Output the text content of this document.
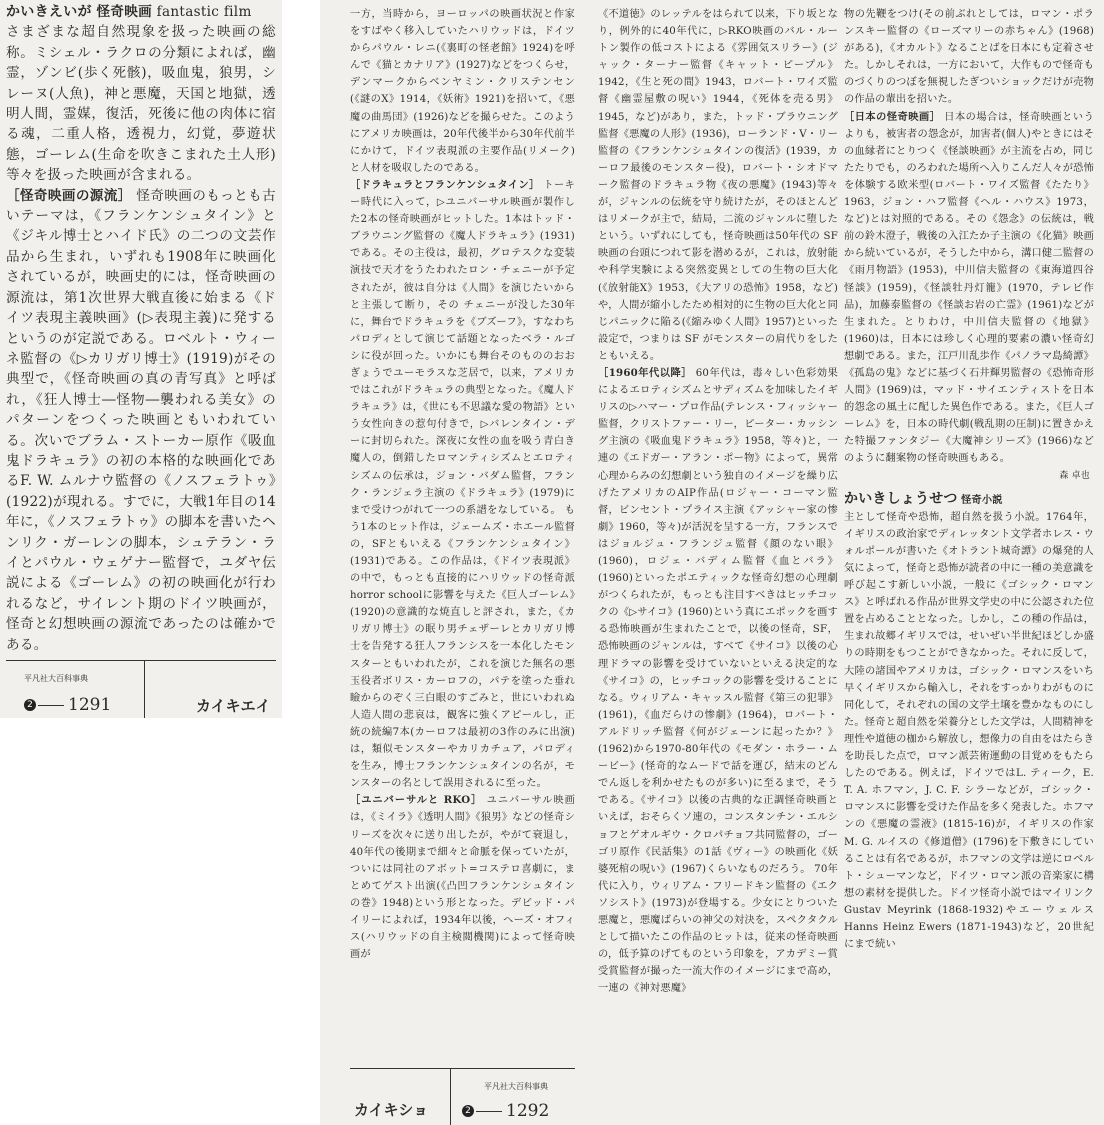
かいきえいが 怪奇映画 fantastic film

さまざまな超自然現象を扱った映画の総称。ミシェル・ラクロの分類によれば，幽霊，ゾンビ(歩く死骸)，吸血鬼，狼男，シレーヌ(人魚)，神と悪魔，天国と地獄，透明人間，霊媒，復活，死後に他の肉体に宿る魂，二重人格，透視力，幻覚，夢遊状態，ゴーレム(生命を吹きこまれた土人形)等々を扱った映画が含まれる。

［怪奇映画の源流］ 怪奇映画のもっとも古いテーマは，《フランケンシュタイン》と《ジキル博士とハイド氏》の二つの文芸作品から生まれ，いずれも1908年に映画化されているが，映画史的には，怪奇映画の源流は，第1次世界大戦直後に始まる《ドイツ表現主義映画》(▷表現主義)に発する というのが定説である。ロベルト・ウィーネ監督の《▷カリガリ博士》(1919)がその典型で，《怪奇映画の真の青写真》と呼ばれ，《狂人博士―怪物―襲われる美女》のパターンをつくった映画ともいわれている。次いでブラム・ストーカー原作《吸血鬼ドラキュラ》の初の本格的な映画化であるF. W. ムルナウ監督の《ノスフェラトゥ》(1922)が現れる。すでに，大戦1年目の14年に，《ノスフェラトゥ》の脚本を書いたヘンリク・ガーレンの脚本，シュテラン・ライとパウル・ウェゲナー監督で，ユダヤ伝説による《ゴーレム》の初の映画化が行われるなど，サイレント期のドイツ映画が，怪奇と幻想映画の源流であったのは確かである。

平凡社大百科事典
2 1291	カイキエイ

一方，当時から，ヨーロッパの映画状況と作家をすばやく移入していたハリウッドは，ドイツからパウル・レニ(《裏町の怪老館》1924)を呼んで《猫とカナリア》(1927)などをつくらせ，デンマークからベンヤミン・クリステンセン(《謎のX》1914，《妖術》1921)を招いて，《悪魔の曲馬団》(1926)などを撮らせた。このようにアメリカ映画は，20年代後半から30年代前半にかけて，ドイツ表現派の主要作品(リメーク)と人材を吸収したのである。

［ドラキュラとフランケンシュタイン］ トーキー時代に入って，▷ユニバーサル映画が製作した2本の怪奇映画がヒットした。1本はトッド・ブラウニング監督の《魔人ドラキュラ》(1931)である。その主役は，最初，グロテスクな変装演技で天才をうたわれたロン・チェニーが予定されたが，彼は自分は《人間》を演じたいからと主張して断り，その チェニーが没した30年に，舞台でドラキュラを《ブズーフ》，すなわちパロディとして演じて話題となったベラ・ルゴシに役が回った。いかにも舞台そのもののおおぎょうでユーモラスな芝居で，以来，アメリカではこれがドラキュラの典型となった。《魔人ドラキュラ》は，《世にも不思議な愛の物語》という女性向きの惹句付きで，▷バレンタイン・デーに封切られた。深夜に女性の血を吸う青白き魔人の，倒錯したロマンティシズムとエロティシズムの伝承は，ジョン・バダム監督，フランク・ランジェラ主演の《ドラキュラ》(1979)にまで受けつがれて一つの系譜をなしている。 もう1本のヒット作は，ジェームズ・ホエール監督の，SFともいえる《フランケンシュタイン》(1931)である。この作品は，《ドイツ表現派》の中で，もっとも直接的にハリウッドの怪奇派horror schoolに影響を与えた《巨人ゴーレム》(1920)の意識的な焼直しと評され，また，《カリガリ博士》の眠り男チェザーレとカリガリ博士を告発する狂人フランシスを一本化したモンスターともいわれたが，これを演じた無名の悪玉役者ボリス・カーロフの，パテを塗った垂れ瞼からのぞく三白眼のすごみと，世にいわれぬ人造人間の悲哀は，観客に強くアピールし，正統の続編7本(カーロフは最初の3作のみに出演)は，類似モンスターやカリカチュア，パロディを生み，博士フランケンシュタインの名が，モンスターの名として誤用されるに至った。

［ユニバーサルと RKO］ ユニバーサル映画は，《ミイラ》《透明人間》《狼男》などの怪奇シリーズを次々に送り出したが，やがて衰退し，40年代の後期まで細々と命脈を保っていたが，ついには同社のアボット=コステロ喜劇に，まとめてゲスト出演(《凸凹フランケンシュタインの巻》1948)という形となった。デビッド・パイリーによれば，1934年以後，ヘーズ・オフィス(ハリウッドの自主検閲機関)によって怪奇映画が

《不道徳》のレッテルをはられて以来，下り坂となり，例外的に40年代に，▷RKO映画のバル・ルートン製作の低コストによる《雰囲気スリラー》(ジャック・ターナー監督《キャット・ピープル》1942，《生と死の間》1943，ロバート・ワイズ監督《幽霊屋敷の呪い》1944，《死体を売る男》1945，など)があり，また，トッド・ブラウニング監督《悪魔の人形》(1936)，ローランド・V・リー監督の《フランケンシュタインの復活》(1939，カーロフ最後のモンスター役)，ロバート・シオドマーク監督のドラキュラ物《夜の悪魔》(1943)等々が，ジャンルの伝統を守り続けたが，そのほとんどはリメークが主で，結局，二流のジャンルに堕したという。いずれにしても，怪奇映画は50年代の SF映画の台頭につれて影を潜めるが，これは，放射能や科学実験による突然変異としての生物の巨大化(《放射能X》1953，《大アリの恐怖》1958，など)や，人間が縮小したため相対的に生物の巨大化と同じパニックに陥る(《縮みゆく人間》1957)といった設定で，つまりは SF がモンスターの肩代りをしたともいえる。

［1960年代以降］ 60年代は，毒々しい色彩効果によるエロティシズムとサディズムを加味したイギリスの▷ハマー・プロ作品(テレンス・フィッシャー監督，クリストファー・リー，ピーター・カッシング主演の《吸血鬼ドラキュラ》1958，等々)と，一連の《エドガー・アラン・ポー物》によって，異常心理からみの幻想劇という独自のイメージを繰り広げたアメリカのAIP作品(ロジャー・コーマン監督，ビンセント・プライス主演《アッシャー家の惨劇》1960，等々)が活況を呈する一方，フランスではジョルジュ・フランジュ監督《顔のない眼》(1960)，ロジェ・バディム監督《血とバラ》(1960)といったポエティックな怪奇幻想の心理劇がつくられたが，もっとも注目すべきはヒッチコックの《▷サイコ》(1960)という真にエポックを画する恐怖映画が生まれたことで，以後の怪奇，SF，恐怖映画のジャンルは，すべて《サイコ》以後の心理ドラマの影響を受けていないといえる決定的な《サイコ》の，ヒッチコックの影響を受けることになる。ウィリアム・キャッスル監督《第三の犯罪》(1961)，《血だらけの惨劇》(1964)，ロバート・アルドリッチ監督《何がジェーンに起ったか？》(1962)から1970-80年代の《モダン・ホラー・ムービー》(怪奇的なムードで話を運び，結末のどんでん返しを利かせたものが多い)に至るまで，そうである。《サイコ》以後の古典的な正調怪奇映画といえば，おそらくソ連の，コンスタンチン・エルショフとゲオルギウ・クロパチョフ共同監督の，ゴーゴリ原作《民話集》の1話《ヴィー》の映画化《妖婆死棺の呪い》(1967)くらいなものだろう。 70年代に入り，ウィリアム・フリードキン監督の《エクソシスト》(1973)が登場する。少女にとりついた悪魔と，悪魔ばらいの神父の対決を，スペクタクルとして描いたこの作品のヒットは，従来の怪奇映画の，低予算のげてものという印象を，アカデミー賞受賞監督が撮った一流大作のイメージにまで高め，一連の《神対悪魔》

物の先鞭をつけ(その前ぶれとしては，ロマン・ポランスキー監督の《ローズマリーの赤ちゃん》(1968)がある)，《オカルト》なることばを日本にも定着させた。しかしそれは，一方において，大作もので怪奇ものづくりのつぼを無視したぎついショックだけが売物の作品の輩出を招いた。

［日本の怪奇映画］ 日本の場合は，怪奇映画というよりも，被害者の怨念が，加害者(個人)やときにはその血縁者にとりつく《怪談映画》が主流を占め，同じたたりでも，のろわれた場所へ入りこんだ人々が恐怖を体験する欧米型(ロバート・ワイズ監督《たたり》1963，ジョン・ハフ監督《ヘル・ハウス》1973，など)とは対照的である。その《怨念》の伝統は，戦前の鈴木澄子，戦後の入江たか子主演の《化猫》映画から続いているが，そうした中から，溝口健二監督の《雨月物語》(1953)，中川信夫監督の《東海道四谷怪談》(1959)，《怪談牡丹灯籠》(1970，テレビ作品)，加藤泰監督の《怪談お岩の亡霊》(1961)などが生まれた。とりわけ，中川信夫監督の《地獄》(1960)は，日本には珍しく心理的要素の濃い怪奇幻想劇である。また，江戸川乱歩作《パノラマ島綺譚》《孤島の鬼》などに基づく石井輝男監督の《恐怖奇形人間》(1969)は，マッド・サイエンティストを日本的怨念の風土に配した異色作である。また，《巨人ゴーレム》を，日本の時代劇(戦乱期の圧制)に置きかえた特撮ファンタジー《大魔神シリーズ》(1966)などのように翻案物の怪奇映画もある。

森 卓也

かいきしょうせつ 怪奇小説

主として怪奇や恐怖，超自然を扱う小説。1764年，イギリスの政治家でディレッタント文学者ホレス・ウォルポールが書いた《オトラント城奇譚》の爆発的人気によって，怪奇と恐怖が読者の中に一種の美意識を呼び起こす新しい小説，一般に《ゴシック・ロマンス》と呼ばれる作品が世界文学史の中に公認された位置を占めることとなった。しかし，この種の作品は，生まれ故郷イギリスでは，せいぜい半世紀ほどしか盛りの時期をもつことができなかった。それに反して，大陸の諸国やアメリカは，ゴシック・ロマンスをいち早くイギリスから輸入し，それをすっかりわがものに同化して，それぞれの国の文学土壌を豊かなものにした。怪奇と超自然を栄養分とした文学は，人間精神を理性や道徳の枷から解放し，想像力の自由をはたらきを助長した点で，ロマン派芸術運動の目覚めをもたらしたのである。例えば，ドイツではL. ティーク，E. T. A. ホフマン，J. C. F. シラーなどが，ゴシック・ロマンスに影響を受けた作品を多く発表した。ホフマンの《悪魔の霊液》(1815-16)が，イギリスの作家M. G. ルイスの《修道僧》(1796)を下敷きにしていることは有名であるが，ホフマンの文学は逆にロベルト・シューマンなど，ドイツ・ロマン派の音楽家に構想の素材を提供した。ドイツ怪奇小説ではマイリンク Gustav Meyrink (1868-1932)やエーウェルス Hanns Heinz Ewers (1871-1943)など，20世紀にまで続い

カイキショ
平凡社大百科事典
2 1292
